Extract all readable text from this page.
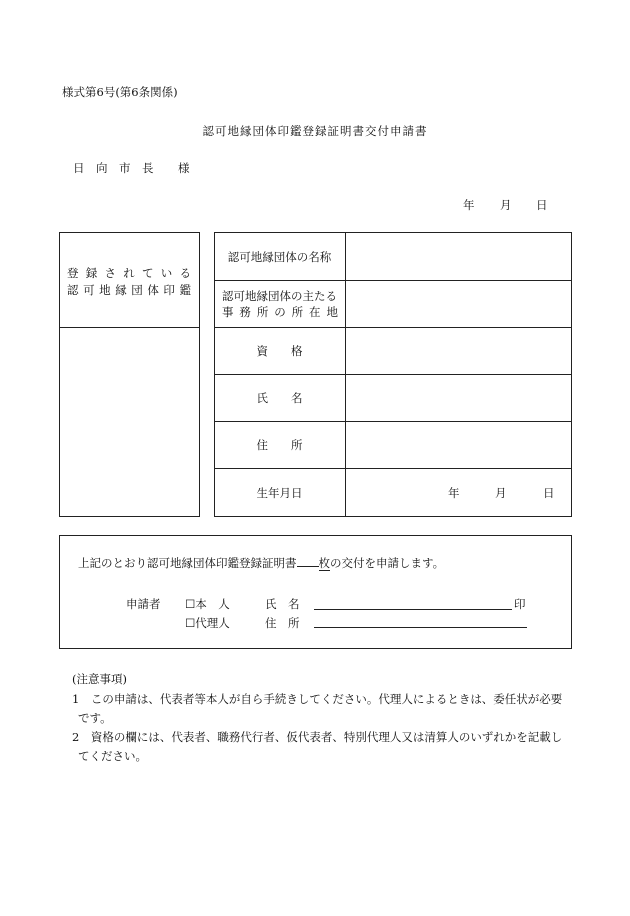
様式第6号(第6条関係)
認可地縁団体印鑑登録証明書交付申請書
日　向　市　長 様
年 月 日
登 録 さ れ て い る
認 可 地 縁 団 体 印 鑑
認可地縁団体の名称
認可地縁団体の主たる
事 務 所 の 所 在 地
資　　格
氏　　名
住　　所
生年月日	年	月	日
上記のとおり認可地縁団体印鑑登録証明書 枚の交付を申請します。
申請者 ☐本　人
☐代理人
氏　名
住　所
印
(注意事項)
1　この申請は、代表者等本人が自ら手続きしてください。代理人によるときは、委任状が必要
です。
2　資格の欄には、代表者、職務代行者、仮代表者、特別代理人又は清算人のいずれかを記載し
てください。
